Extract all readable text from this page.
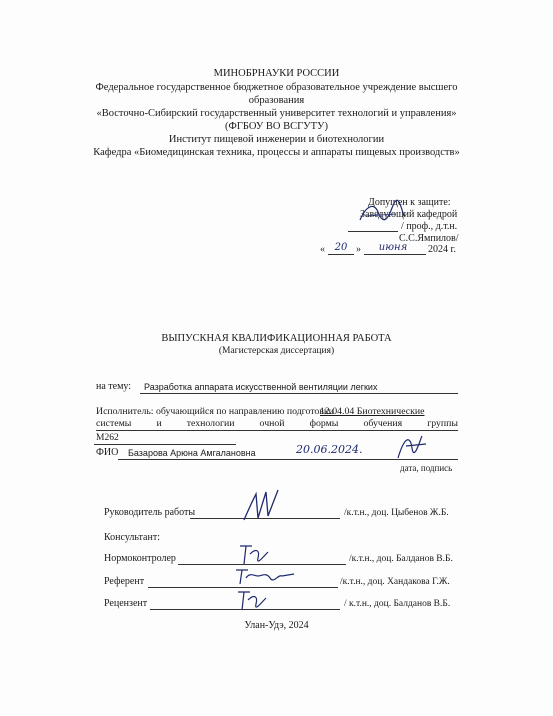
МИНОБРНАУКИ РОССИИ
Федеральное государственное бюджетное образовательное учреждение высшего
образования
«Восточно-Сибирский государственный университет технологий и управления»
(ФГБОУ ВО ВСГУТУ)
Институт пищевой инженерии и биотехнологии
Кафедра «Биомедицинская техника, процессы и аппараты пищевых производств»
Допущен к защите:
Заведующий кафедрой
/ проф., д.т.н.
С.С.Ямпилов/
« 20 »	июня	2024 г.
ВЫПУСКНАЯ КВАЛИФИКАЦИОННАЯ РАБОТА
(Магистерская диссертация)
на тему: Разработка аппарата искусственной вентиляции легких
Исполнитель: обучающийся по направлению подготовки
12.04.04 Биотехнические
системы	и	технологии	очной	формы	обучения	группы
М262
ФИО Базарова Арюна Амгалановна	20.06.2024.
дата, подпись
Руководитель работы	/к.т.н., доц. Цыбенов Ж.Б.
Консультант:
Нормоконтролер	/к.т.н., доц. Балданов В.Б.
Референт	/к.т.н., доц. Хандакова Г.Ж.
Рецензент	/ к.т.н., доц. Балданов В.Б.
Улан-Удэ, 2024
